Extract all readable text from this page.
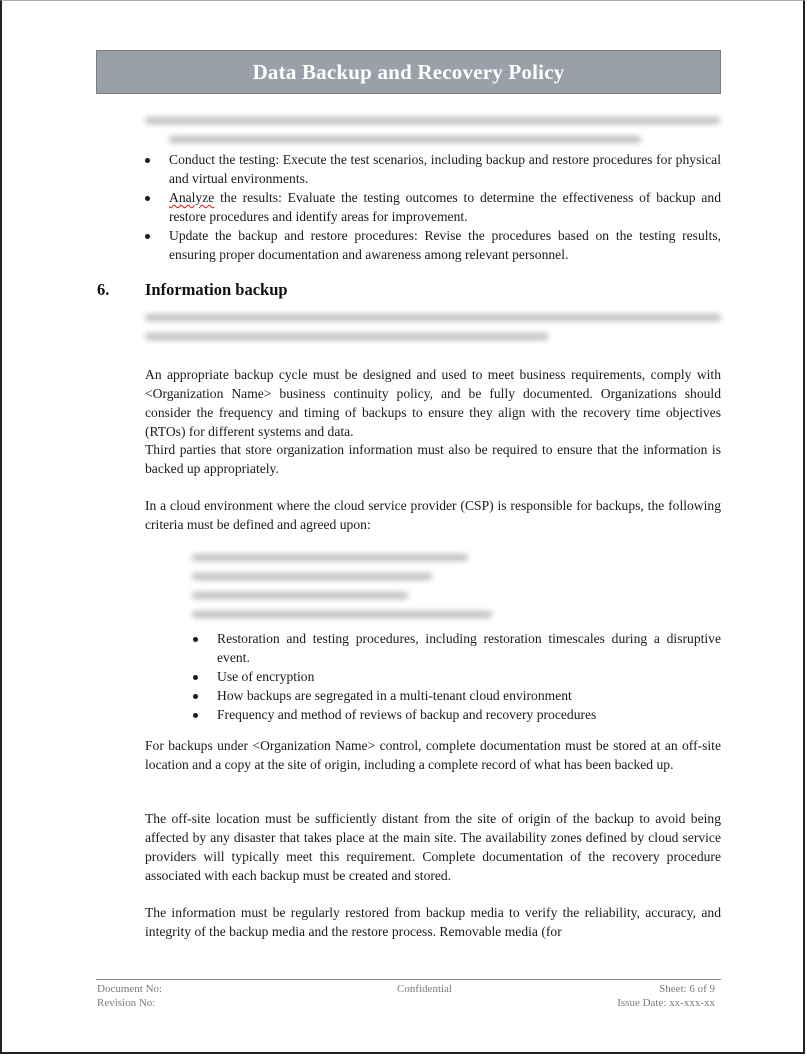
Data Backup and Recovery Policy
Conduct the testing: Execute the test scenarios, including backup and restore procedures for physical and virtual environments.
Analyze the results: Evaluate the testing outcomes to determine the effectiveness of backup and restore procedures and identify areas for improvement.
Update the backup and restore procedures: Revise the procedures based on the testing results, ensuring proper documentation and awareness among relevant personnel.
6. Information backup
An appropriate backup cycle must be designed and used to meet business requirements, comply with <Organization Name> business continuity policy, and be fully documented. Organizations should consider the frequency and timing of backups to ensure they align with the recovery time objectives (RTOs) for different systems and data.
Third parties that store organization information must also be required to ensure that the information is backed up appropriately.
In a cloud environment where the cloud service provider (CSP) is responsible for backups, the following criteria must be defined and agreed upon:
Restoration and testing procedures, including restoration timescales during a disruptive event.
Use of encryption
How backups are segregated in a multi-tenant cloud environment
Frequency and method of reviews of backup and recovery procedures
For backups under <Organization Name> control, complete documentation must be stored at an off-site location and a copy at the site of origin, including a complete record of what has been backed up.
The off-site location must be sufficiently distant from the site of origin of the backup to avoid being affected by any disaster that takes place at the main site. The availability zones defined by cloud service providers will typically meet this requirement. Complete documentation of the recovery procedure associated with each backup must be created and stored.
The information must be regularly restored from backup media to verify the reliability, accuracy, and integrity of the backup media and the restore process. Removable media (for
Document No:
Revision No:
Confidential	Sheet: 6 of 9
Issue Date: xx-xxx-xx
